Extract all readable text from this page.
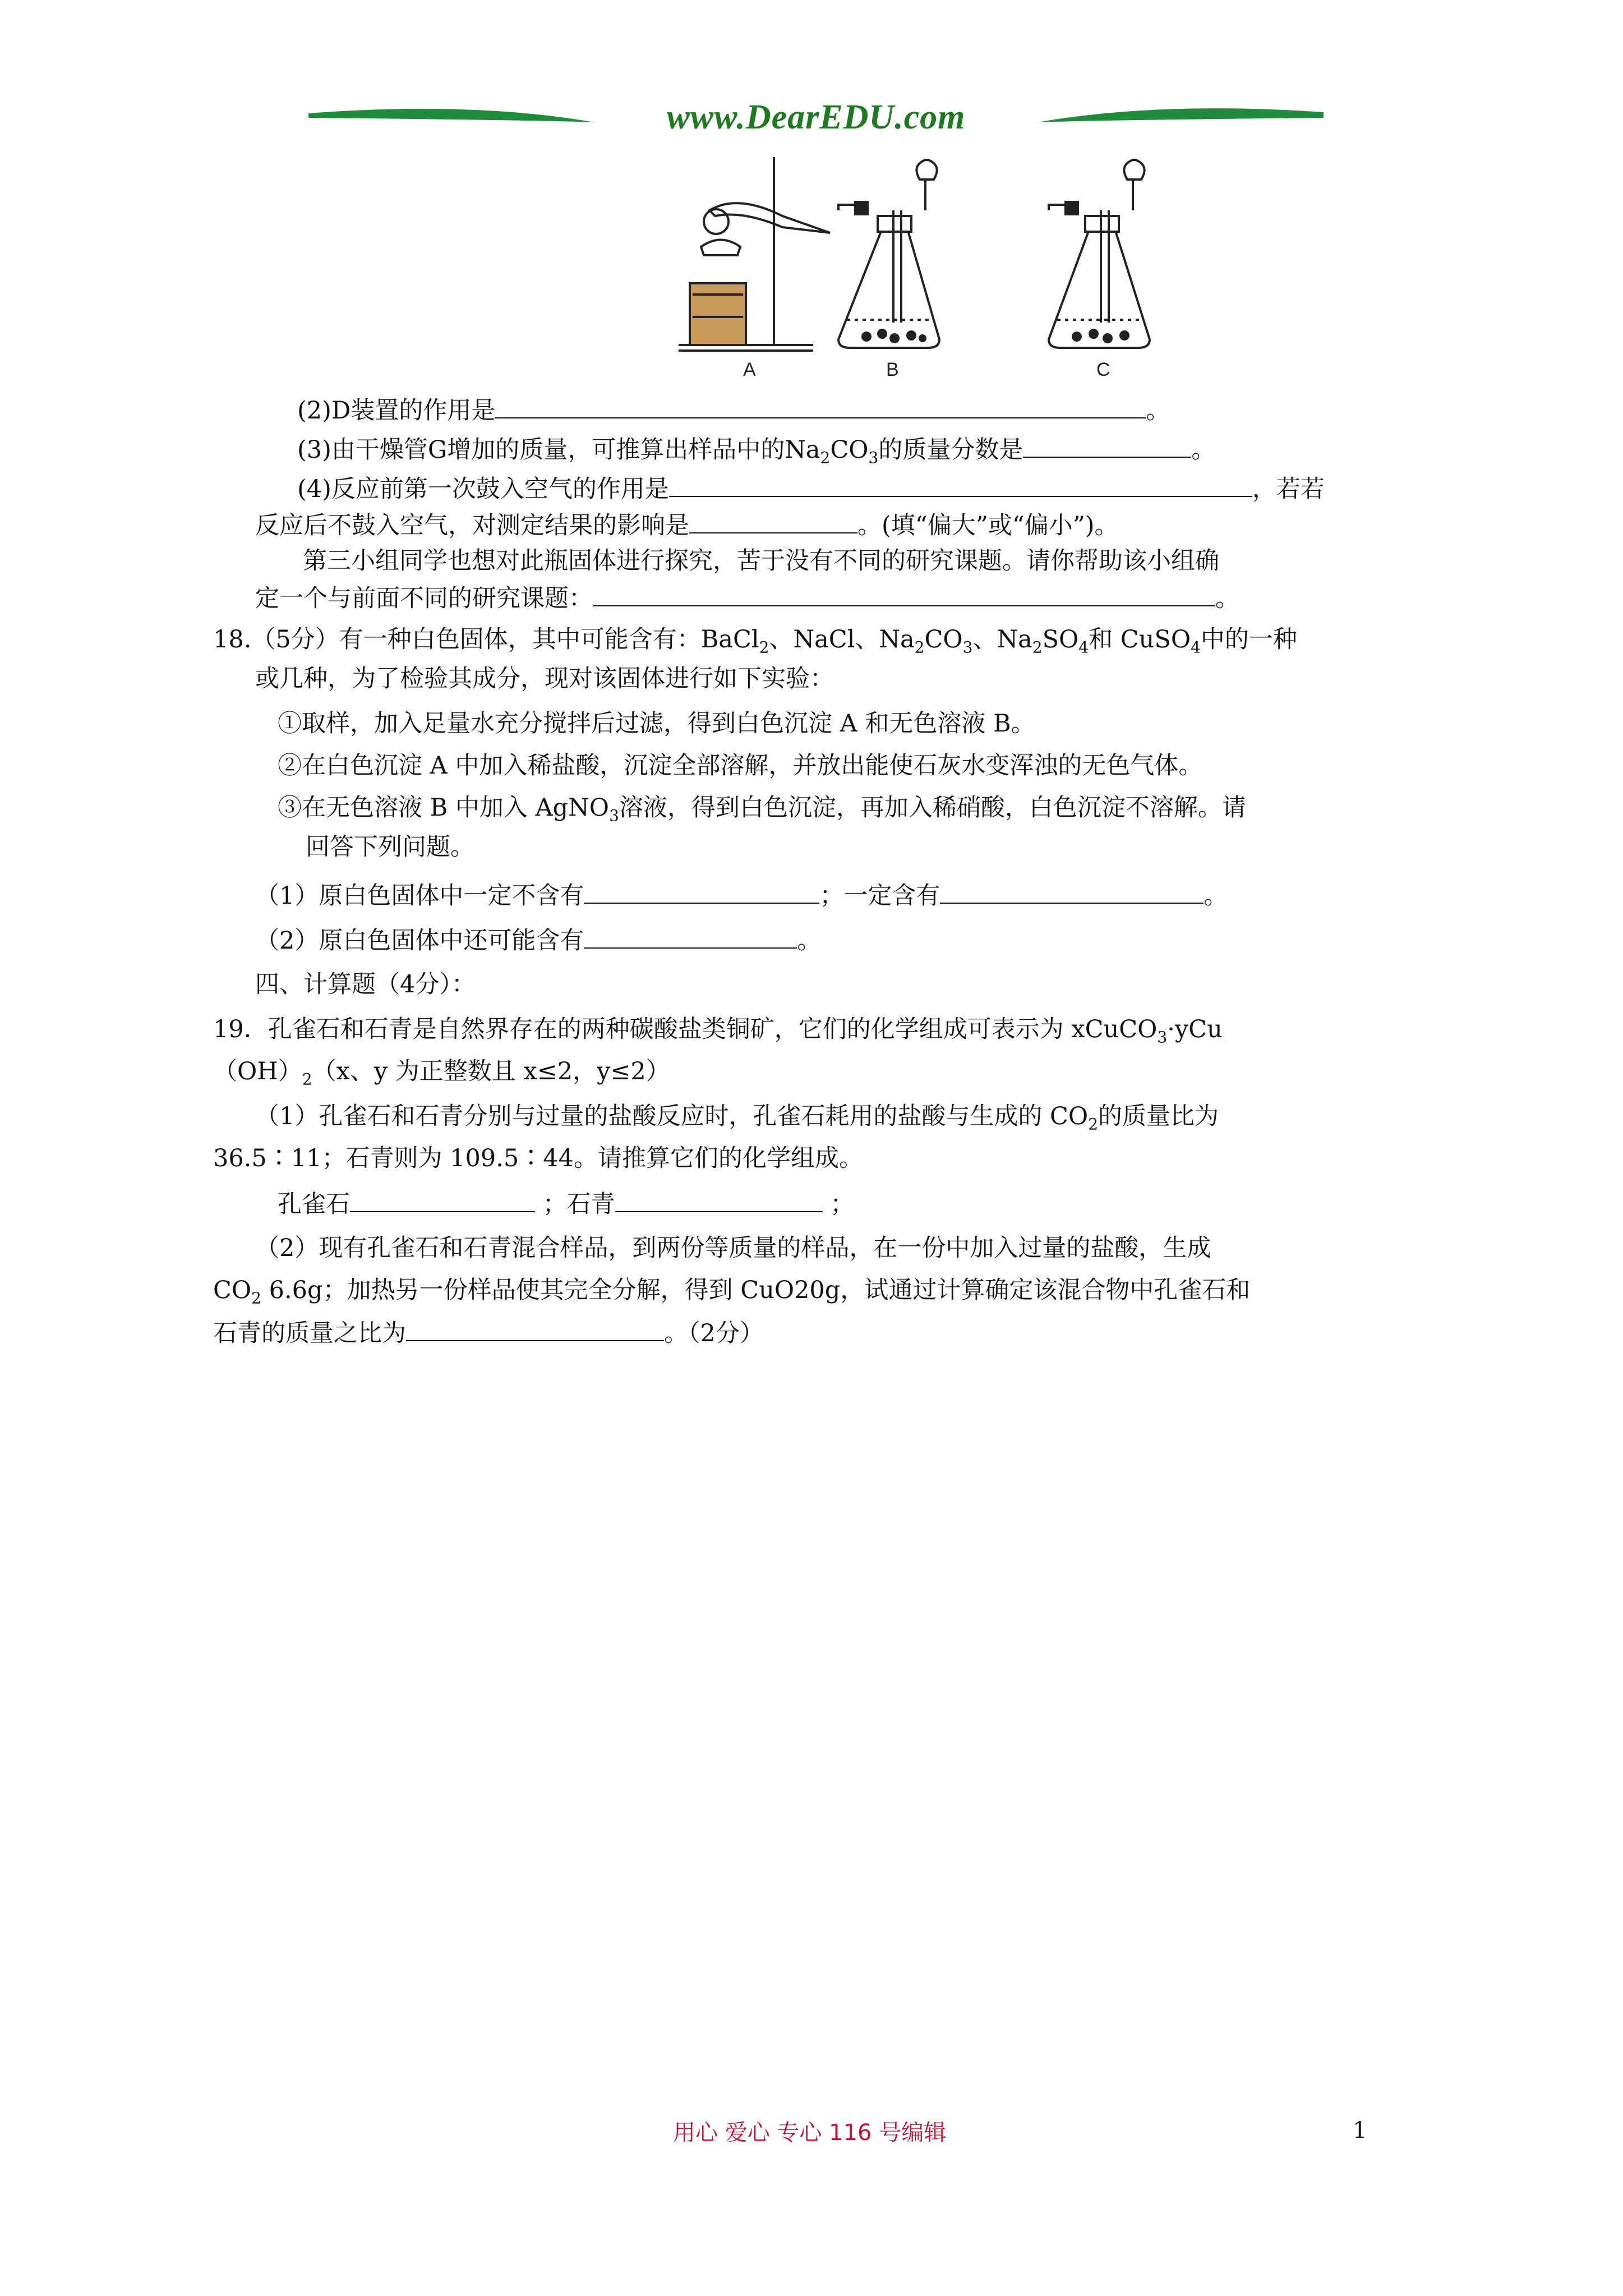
www.DearEDU.com
A	B	C
(2)D装置的作用是	。
(3)由干燥管G增加的质量，可推算出样品中的$Na_2CO_3$的质量分数是	。
(4)反应前第一次鼓入空气的作用是	，若若
反应后不鼓入空气，对测定结果的影响是	。(填“偏大”或“偏小”)。
第三小组同学也想对此瓶固体进行探究，苦于没有不同的研究课题。请你帮助该小组确
定一个与前面不同的研究课题：	。
18.（5分）有一种白色固体，其中可能含有：BaCl$_2$、NaCl、$Na_2CO_3$、$Na_2SO_4$和 CuSO$_4$中的一种
或几种，为了检验其成分，现对该固体进行如下实验：
①取样，加入足量水充分搅拌后过滤，得到白色沉淀 A 和无色溶液 B。
②在白色沉淀 A 中加入稀盐酸，沉淀全部溶解，并放出能使石灰水变浑浊的无色气体。
③在无色溶液 B 中加入 AgNO$_3$溶液，得到白色沉淀，再加入稀硝酸，白色沉淀不溶解。请
回答下列问题。
（1）原白色固体中一定不含有	；一定含有	。
（2）原白色固体中还可能含有	。
四、计算题（4分）：
19．孔雀石和石青是自然界存在的两种碳酸盐类铜矿，它们的化学组成可表示为 xCuCO$_3$·yCu
$(OH)_2(x$、y 为正整数且 x≤2，y≤2）
（1）孔雀石和石青分别与过量的盐酸反应时，孔雀石耗用的盐酸与生成的 $CO_2$的质量比为
36.5∶11；石青则为 109.5∶44。请推算它们的化学组成。
孔雀石	；石青	；
（2）现有孔雀石和石青混合样品，到两份等质量的样品，在一份中加入过量的盐酸，生成
$CO_2$ 6.6g；加热另一份样品使其完全分解，得到 CuO20g，试通过计算确定该混合物中孔雀石和
石青的质量之比为	。（2分）
用心 爱心 专心 116 号编辑	1
